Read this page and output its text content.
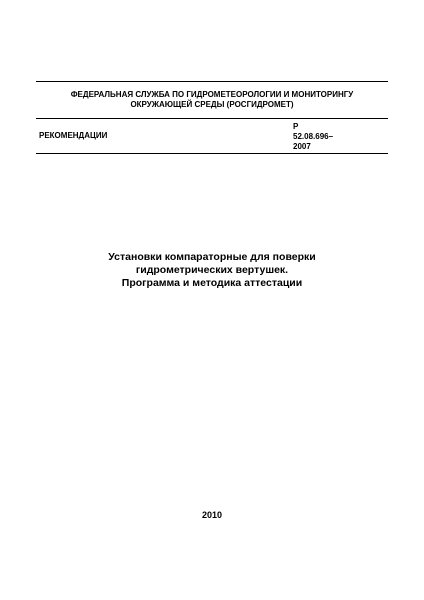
ФЕДЕРАЛЬНАЯ СЛУЖБА ПО ГИДРОМЕТЕОРОЛОГИИ И МОНИТОРИНГУ
ОКРУЖАЮЩЕЙ СРЕДЫ (РОСГИДРОМЕТ)
РЕКОМЕНДАЦИИ
Р
52.08.696–
2007
Установки компараторные для поверки
гидрометрических вертушек.
Программа и методика аттестации
2010
